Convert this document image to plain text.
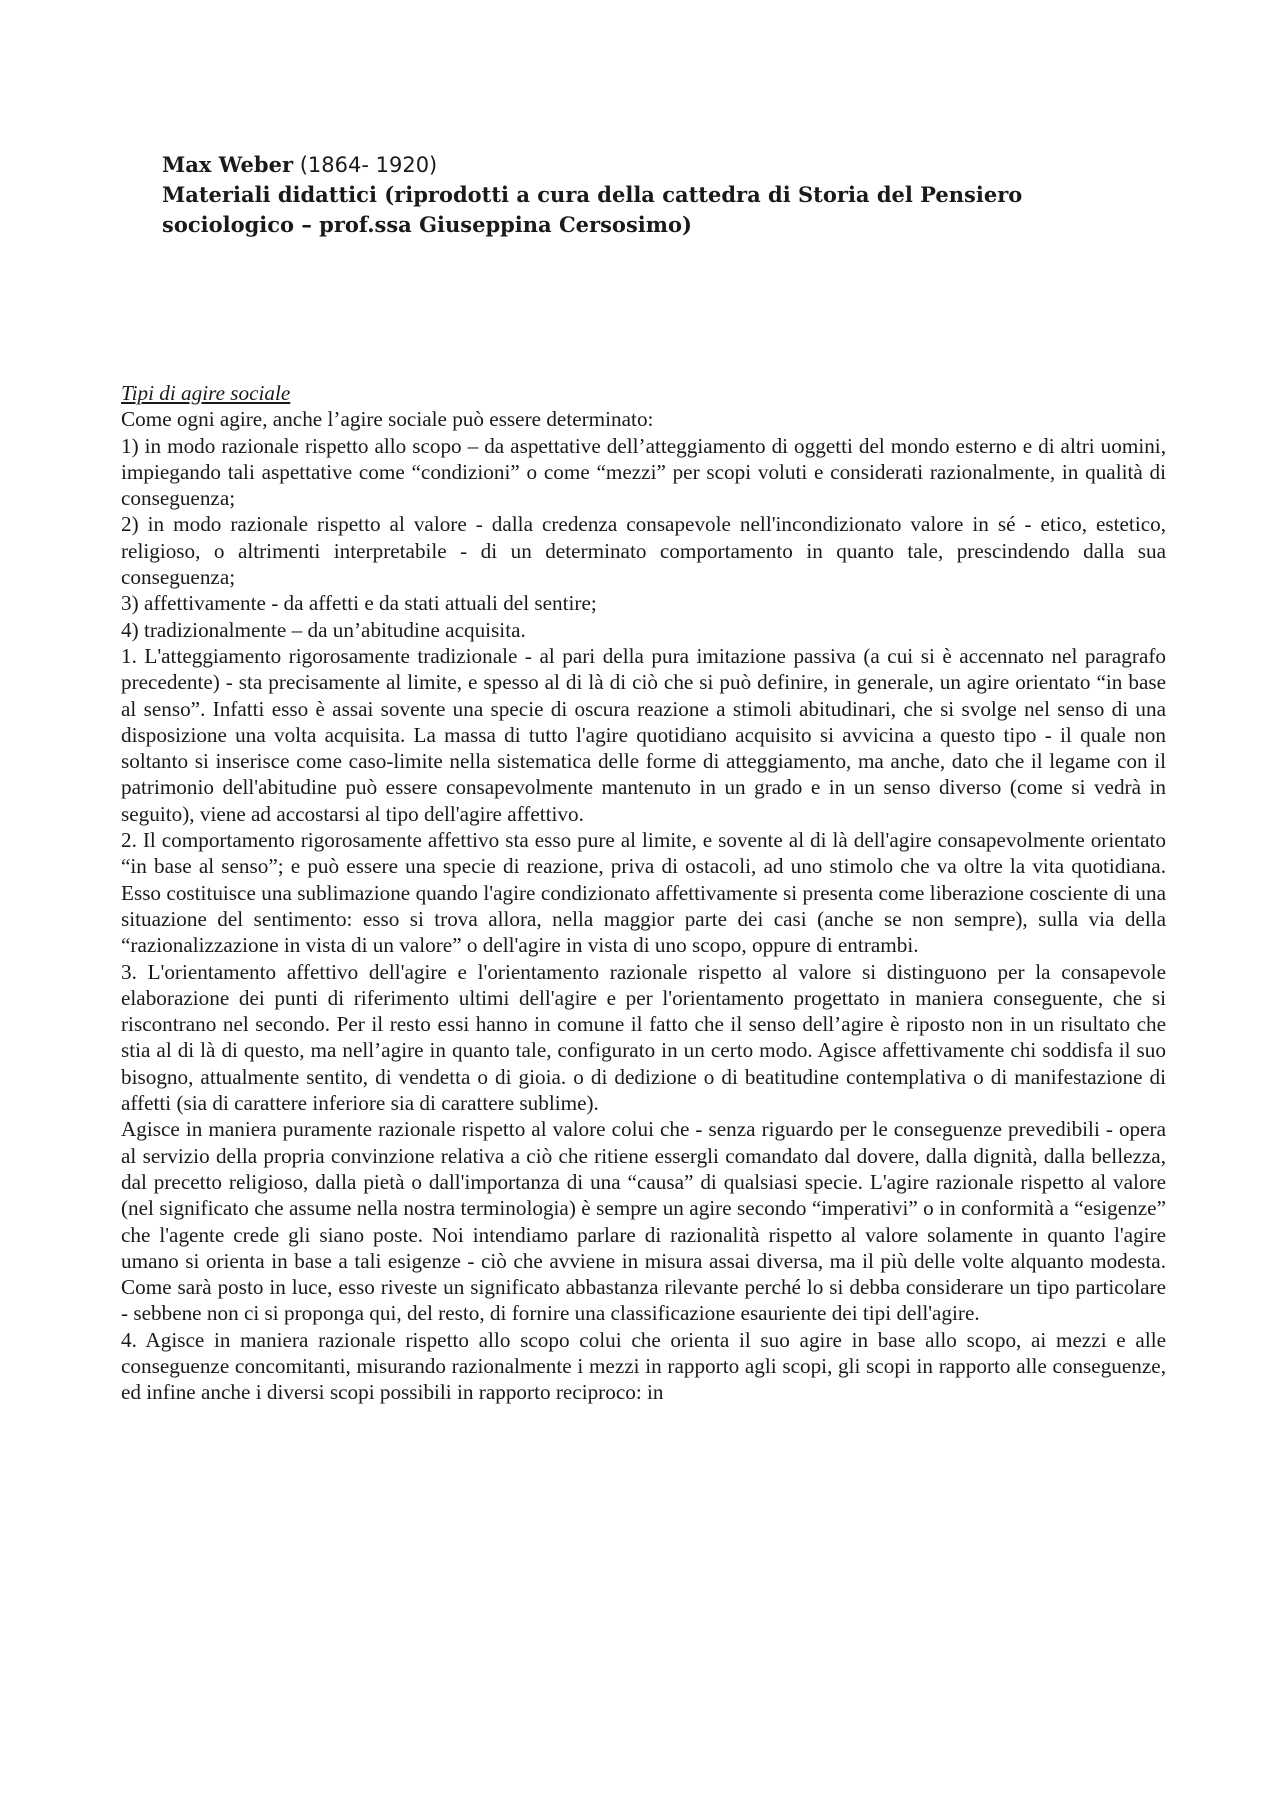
Max Weber (1864- 1920)
Materiali didattici (riprodotti a cura della cattedra di Storia del Pensiero
sociologico – prof.ssa Giuseppina Cersosimo)

Tipi di agire sociale

Come ogni agire, anche l’agire sociale può essere determinato:

1) in modo razionale rispetto allo scopo – da aspettative dell’atteggiamento di oggetti del mondo esterno e di altri uomini, impiegando tali aspettative come “condizioni” o come “mezzi” per scopi voluti e considerati razionalmente, in qualità di conseguenza;

2) in modo razionale rispetto al valore - dalla credenza consapevole nell'incondizionato valore in sé - etico, estetico, religioso, o altrimenti interpretabile - di un determinato comportamento in quanto tale, prescindendo dalla sua conseguenza;

3) affettivamente - da affetti e da stati attuali del sentire;

4) tradizionalmente – da un’abitudine acquisita.

1. L'atteggiamento rigorosamente tradizionale - al pari della pura imitazione passiva (a cui si è accennato nel paragrafo precedente) - sta precisamente al limite, e spesso al di là di ciò che si può definire, in generale, un agire orientato “in base al senso”. Infatti esso è assai sovente una specie di oscura reazione a stimoli abitudinari, che si svolge nel senso di una disposizione una volta acquisita. La massa di tutto l'agire quotidiano acquisito si avvicina a questo tipo - il quale non soltanto si inserisce come caso-limite nella sistematica delle forme di atteggiamento, ma anche, dato che il legame con il patrimonio dell'abitudine può essere consapevolmente mantenuto in un grado e in un senso diverso (come si vedrà in seguito), viene ad accostarsi al tipo dell'agire affettivo.

2. Il comportamento rigorosamente affettivo sta esso pure al limite, e sovente al di là dell'agire consapevolmente orientato “in base al senso”; e può essere una specie di reazione, priva di ostacoli, ad uno stimolo che va oltre la vita quotidiana. Esso costituisce una sublimazione quando l'agire condizionato affettivamente si presenta come liberazione cosciente di una situazione del sentimento: esso si trova allora, nella maggior parte dei casi (anche se non sempre), sulla via della “razionalizzazione in vista di un valore” o dell'agire in vista di uno scopo, oppure di entrambi.

3. L'orientamento affettivo dell'agire e l'orientamento razionale rispetto al valore si distinguono per la consapevole elaborazione dei punti di riferimento ultimi dell'agire e per l'orientamento progettato in maniera conseguente, che si riscontrano nel secondo. Per il resto essi hanno in comune il fatto che il senso dell’agire è riposto non in un risultato che stia al di là di questo, ma nell’agire in quanto tale, configurato in un certo modo. Agisce affettivamente chi soddisfa il suo bisogno, attualmente sentito, di vendetta o di gioia. o di dedizione o di beatitudine contemplativa o di manifestazione di affetti (sia di carattere inferiore sia di carattere sublime).

Agisce in maniera puramente razionale rispetto al valore colui che - senza riguardo per le conseguenze prevedibili - opera al servizio della propria convinzione relativa a ciò che ritiene essergli comandato dal dovere, dalla dignità, dalla bellezza, dal precetto religioso, dalla pietà o dall'importanza di una “causa” di qualsiasi specie. L'agire razionale rispetto al valore (nel significato che assume nella nostra terminologia) è sempre un agire secondo “imperativi” o in conformità a “esigenze” che l'agente crede gli siano poste. Noi intendiamo parlare di razionalità rispetto al valore solamente in quanto l'agire umano si orienta in base a tali esigenze - ciò che avviene in misura assai diversa, ma il più delle volte alquanto modesta. Come sarà posto in luce, esso riveste un significato abbastanza rilevante perché lo si debba considerare un tipo particolare - sebbene non ci si proponga qui, del resto, di fornire una classificazione esauriente dei tipi dell'agire.

4. Agisce in maniera razionale rispetto allo scopo colui che orienta il suo agire in base allo scopo, ai mezzi e alle conseguenze concomitanti, misurando razionalmente i mezzi in rapporto agli scopi, gli scopi in rapporto alle conseguenze, ed infine anche i diversi scopi possibili in rapporto reciproco: in
